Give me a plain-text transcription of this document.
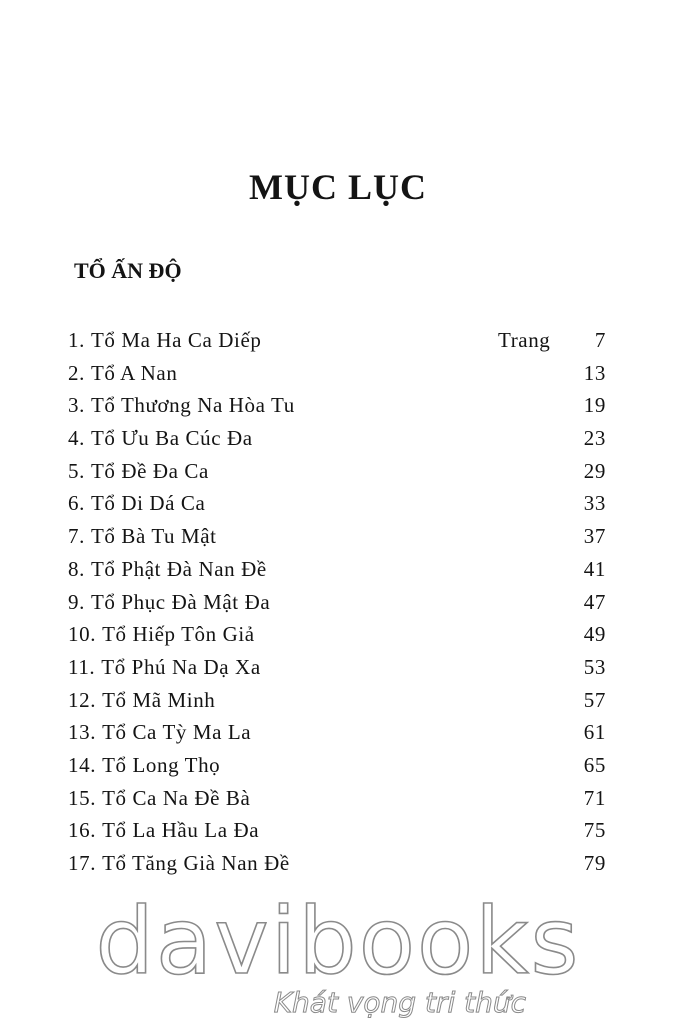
MỤC LỤC
TỔ ẤN ĐỘ
1. Tổ Ma Ha Ca Diếp	Trang 7
2. Tổ A Nan	13
3. Tổ Thương Na Hòa Tu	19
4. Tổ Ưu Ba Cúc Đa	23
5. Tổ Đề Đa Ca	29
6. Tổ Di Dá Ca	33
7. Tổ Bà Tu Mật	37
8. Tổ Phật Đà Nan Đề	41
9. Tổ Phục Đà Mật Đa	47
10. Tổ Hiếp Tôn Giả	49
11. Tổ Phú Na Dạ Xa	53
12. Tổ Mã Minh	57
13. Tổ Ca Tỳ Ma La	61
14. Tổ Long Thọ	65
15. Tổ Ca Na Đề Bà	71
16. Tổ La Hầu La Đa	75
17. Tổ Tăng Già Nan Đề	79
davibooks
Khát vọng tri thức
